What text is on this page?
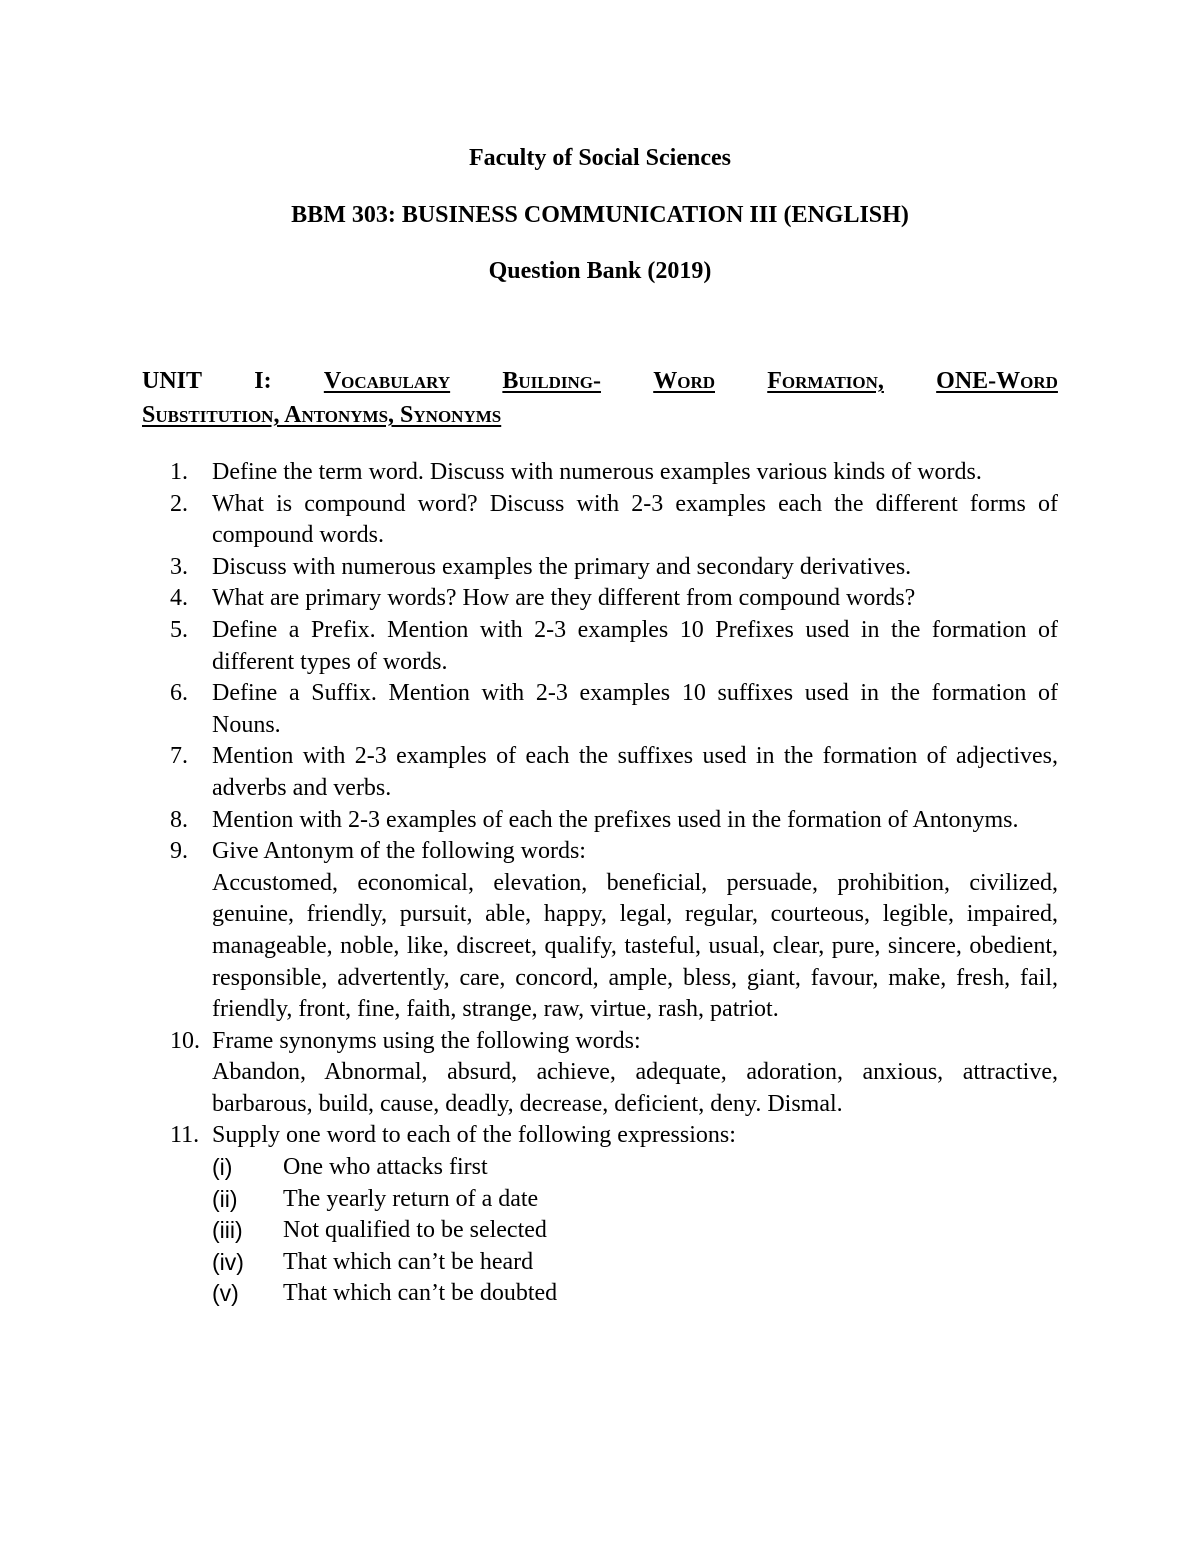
Faculty of Social Sciences
BBM 303: BUSINESS COMMUNICATION III (ENGLISH)
Question Bank (2019)
UNIT I: Vocabulary Building- Word Formation, ONE-Word
Substitution, Antonyms, Synonyms
1.	Define the term word. Discuss with numerous examples various kinds of words.
2.	What is compound word? Discuss with 2-3 examples each the different forms of compound words.
3.	Discuss with numerous examples the primary and secondary derivatives.
4.	What are primary words? How are they different from compound words?
5.	Define a Prefix. Mention with 2-3 examples 10 Prefixes used in the formation of different types of words.
6.	Define a Suffix. Mention with 2-3 examples 10 suffixes used in the formation of Nouns.
7.	Mention with 2-3 examples of each the suffixes used in the formation of adjectives, adverbs and verbs.
8.	Mention with 2-3 examples of each the prefixes used in the formation of Antonyms.
9.	Give Antonym of the following words:
Accustomed, economical, elevation, beneficial, persuade, prohibition, civilized, genuine, friendly, pursuit, able, happy, legal, regular, courteous, legible, impaired, manageable, noble, like, discreet, qualify, tasteful, usual, clear, pure, sincere, obedient, responsible, advertently, care, concord, ample, bless, giant, favour, make, fresh, fail, friendly, front, fine, faith, strange, raw, virtue, rash, patriot.
10. Frame synonyms using the following words:
Abandon, Abnormal, absurd, achieve, adequate, adoration, anxious, attractive, barbarous, build, cause, deadly, decrease, deficient, deny. Dismal.
11. Supply one word to each of the following expressions:
(i)	One who attacks first
(ii)	The yearly return of a date
(iii)	Not qualified to be selected
(iv)	That which can’t be heard
(v)	That which can’t be doubted
